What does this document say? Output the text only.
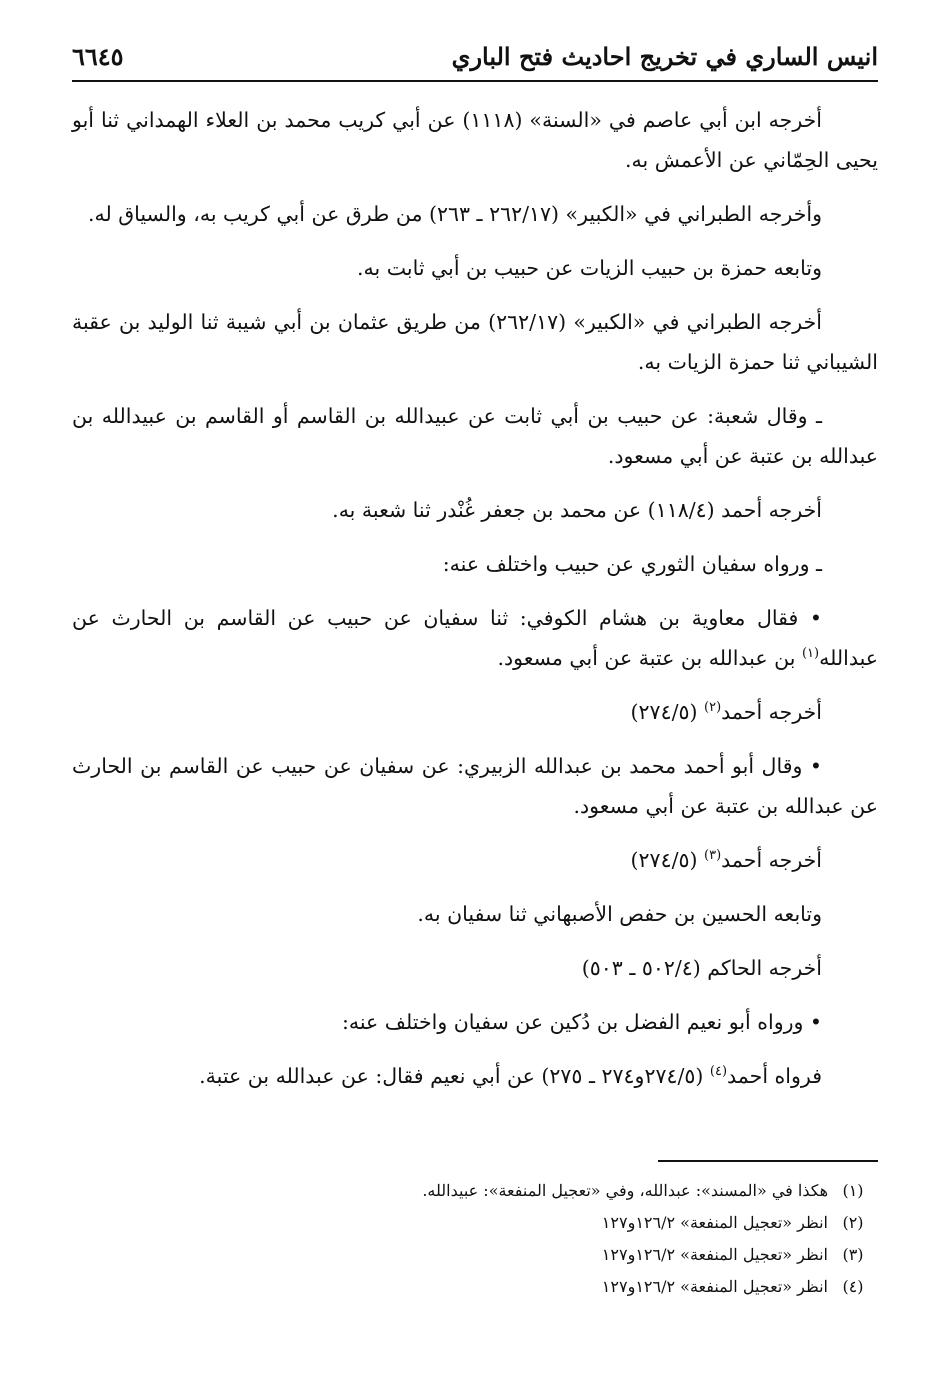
انيس الساري في تخريج احاديث فتح الباري
٦٦٤٥

أخرجه ابن أبي عاصم في «السنة» (١١١٨) عن أبي كريب محمد بن العلاء الهمداني ثنا أبو يحيى الحِمّاني عن الأعمش به.

وأخرجه الطبراني في «الكبير» (٢٦٢/١٧ ـ ٢٦٣) من طرق عن أبي كريب به، والسياق له.

وتابعه حمزة بن حبيب الزيات عن حبيب بن أبي ثابت به.

أخرجه الطبراني في «الكبير» (٢٦٢/١٧) من طريق عثمان بن أبي شيبة ثنا الوليد بن عقبة الشيباني ثنا حمزة الزيات به.

ـ وقال شعبة: عن حبيب بن أبي ثابت عن عبيدالله بن القاسم أو القاسم بن عبيدالله بن عبدالله بن عتبة عن أبي مسعود.

أخرجه أحمد (١١٨/٤) عن محمد بن جعفر غُنْدر ثنا شعبة به.

ـ ورواه سفيان الثوري عن حبيب واختلف عنه:

• فقال معاوية بن هشام الكوفي: ثنا سفيان عن حبيب عن القاسم بن الحارث عن عبدالله$^{(١)}$ بن عبدالله بن عتبة عن أبي مسعود.

أخرجه أحمد$^{(٢)}$ (٢٧٤/٥)

• وقال أبو أحمد محمد بن عبدالله الزبيري: عن سفيان عن حبيب عن القاسم بن الحارث عن عبدالله بن عتبة عن أبي مسعود.

أخرجه أحمد$^{(٣)}$ (٢٧٤/٥)

وتابعه الحسين بن حفص الأصبهاني ثنا سفيان به.

أخرجه الحاكم (٥٠٢/٤ ـ ٥٠٣)

• ورواه أبو نعيم الفضل بن دُكين عن سفيان واختلف عنه:

فرواه أحمد$^{(٤)}$ (٢٧٤/٥و٢٧٤ ـ ٢٧٥) عن أبي نعيم فقال: عن عبدالله بن عتبة.

(١)
هكذا في «المسند»: عبدالله، وفي «تعجيل المنفعة»: عبيدالله.
(٢)
انظر «تعجيل المنفعة» ١٢٦/٢و١٢٧
(٣)
انظر «تعجيل المنفعة» ١٢٦/٢و١٢٧
(٤)
انظر «تعجيل المنفعة» ١٢٦/٢و١٢٧
